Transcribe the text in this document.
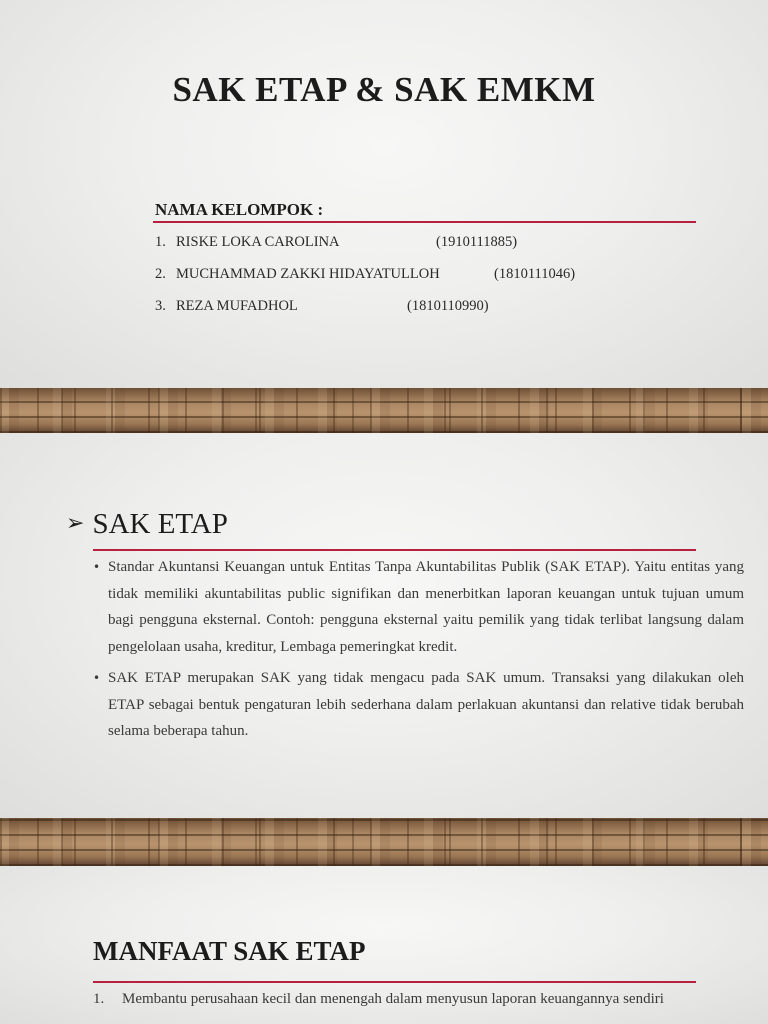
SAK ETAP & SAK EMKM
NAMA KELOMPOK :
1. RISKE LOKA CAROLINA	(1910111885)
2. MUCHAMMAD ZAKKI HIDAYATULLOH	(1810111046)
3. REZA MUFADHOL	(1810110990)
➢ SAK ETAP
• Standar Akuntansi Keuangan untuk Entitas Tanpa Akuntabilitas Publik (SAK ETAP). Yaitu entitas yang tidak memiliki akuntabilitas public signifikan dan menerbitkan laporan keuangan untuk tujuan umum bagi pengguna eksternal. Contoh: pengguna eksternal yaitu pemilik yang tidak terlibat langsung dalam pengelolaan usaha, kreditur, Lembaga pemeringkat kredit.
• SAK ETAP merupakan SAK yang tidak mengacu pada SAK umum. Transaksi yang dilakukan oleh ETAP sebagai bentuk pengaturan lebih sederhana dalam perlakuan akuntansi dan relative tidak berubah selama beberapa tahun.
MANFAAT SAK ETAP
1. Membantu perusahaan kecil dan menengah dalam menyusun laporan keuangannya sendiri
